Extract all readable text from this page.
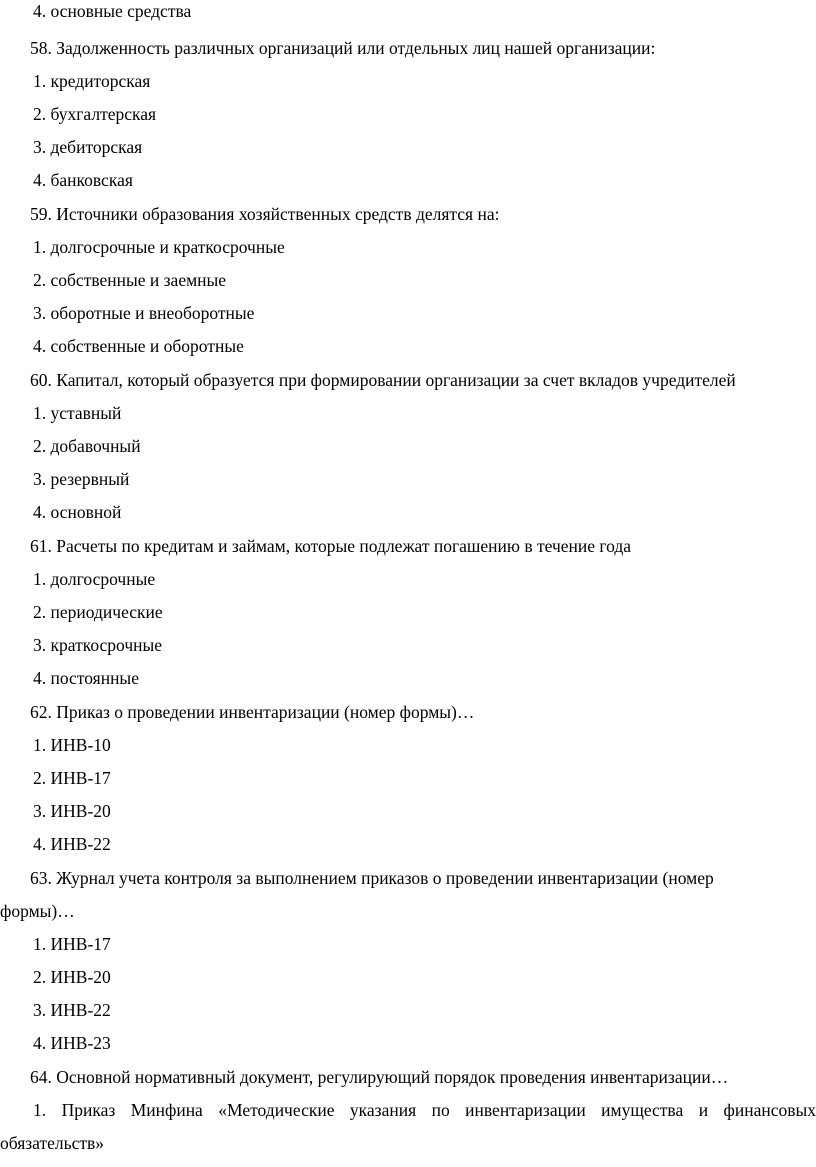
4. основные средства
58. Задолженность различных организаций или отдельных лиц нашей организации:
1. кредиторская
2. бухгалтерская
3. дебиторская
4. банковская
59. Источники образования хозяйственных средств делятся на:
1. долгосрочные и краткосрочные
2. собственные и заемные
3. оборотные и внеоборотные
4. собственные и оборотные
60. Капитал, который образуется при формировании организации за счет вкладов учредителей
1. уставный
2. добавочный
3. резервный
4. основной
61. Расчеты по кредитам и займам, которые подлежат погашению в течение года
1. долгосрочные
2. периодические
3. краткосрочные
4. постоянные
62. Приказ о проведении инвентаризации (номер формы)…
1. ИНВ-10
2. ИНВ-17
3. ИНВ-20
4. ИНВ-22
63. Журнал учета контроля за выполнением приказов о проведении инвентаризации (номер
формы)…
1. ИНВ-17
2. ИНВ-20
3. ИНВ-22
4. ИНВ-23
64. Основной нормативный документ, регулирующий порядок проведения инвентаризации…
1. Приказ Минфина «Методические указания по инвентаризации имущества и финансовых
обязательств»
